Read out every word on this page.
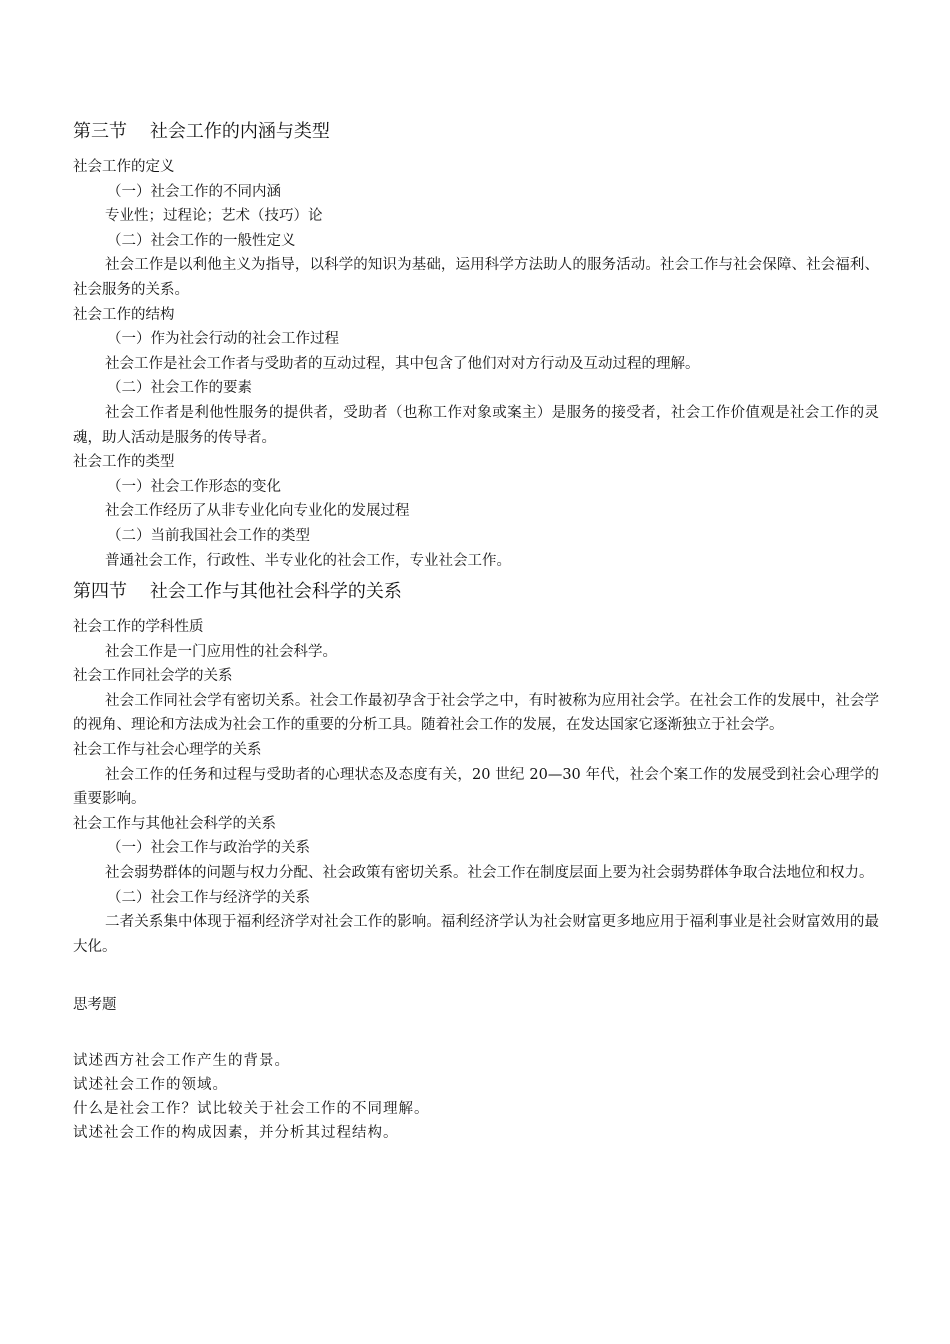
第三节    社会工作的内涵与类型
社会工作的定义
（一）社会工作的不同内涵
专业性；过程论；艺术（技巧）论
（二）社会工作的一般性定义
社会工作是以利他主义为指导，以科学的知识为基础，运用科学方法助人的服务活动。社会工作与社会保障、社会福利、社会服务的关系。
社会工作的结构
（一）作为社会行动的社会工作过程
社会工作是社会工作者与受助者的互动过程，其中包含了他们对对方行动及互动过程的理解。
（二）社会工作的要素
社会工作者是利他性服务的提供者，受助者（也称工作对象或案主）是服务的接受者，社会工作价值观是社会工作的灵魂，助人活动是服务的传导者。
社会工作的类型
（一）社会工作形态的变化
社会工作经历了从非专业化向专业化的发展过程
（二）当前我国社会工作的类型
普通社会工作，行政性、半专业化的社会工作，专业社会工作。
第四节    社会工作与其他社会科学的关系
社会工作的学科性质
社会工作是一门应用性的社会科学。
社会工作同社会学的关系
社会工作同社会学有密切关系。社会工作最初孕含于社会学之中，有时被称为应用社会学。在社会工作的发展中，社会学的视角、理论和方法成为社会工作的重要的分析工具。随着社会工作的发展，在发达国家它逐渐独立于社会学。
社会工作与社会心理学的关系
社会工作的任务和过程与受助者的心理状态及态度有关，20 世纪 20—30 年代，社会个案工作的发展受到社会心理学的重要影响。
社会工作与其他社会科学的关系
（一）社会工作与政治学的关系
社会弱势群体的问题与权力分配、社会政策有密切关系。社会工作在制度层面上要为社会弱势群体争取合法地位和权力。
（二）社会工作与经济学的关系
二者关系集中体现于福利经济学对社会工作的影响。福利经济学认为社会财富更多地应用于福利事业是社会财富效用的最大化。
思考题
试述西方社会工作产生的背景。
试述社会工作的领域。
什么是社会工作？试比较关于社会工作的不同理解。
试述社会工作的构成因素，并分析其过程结构。
